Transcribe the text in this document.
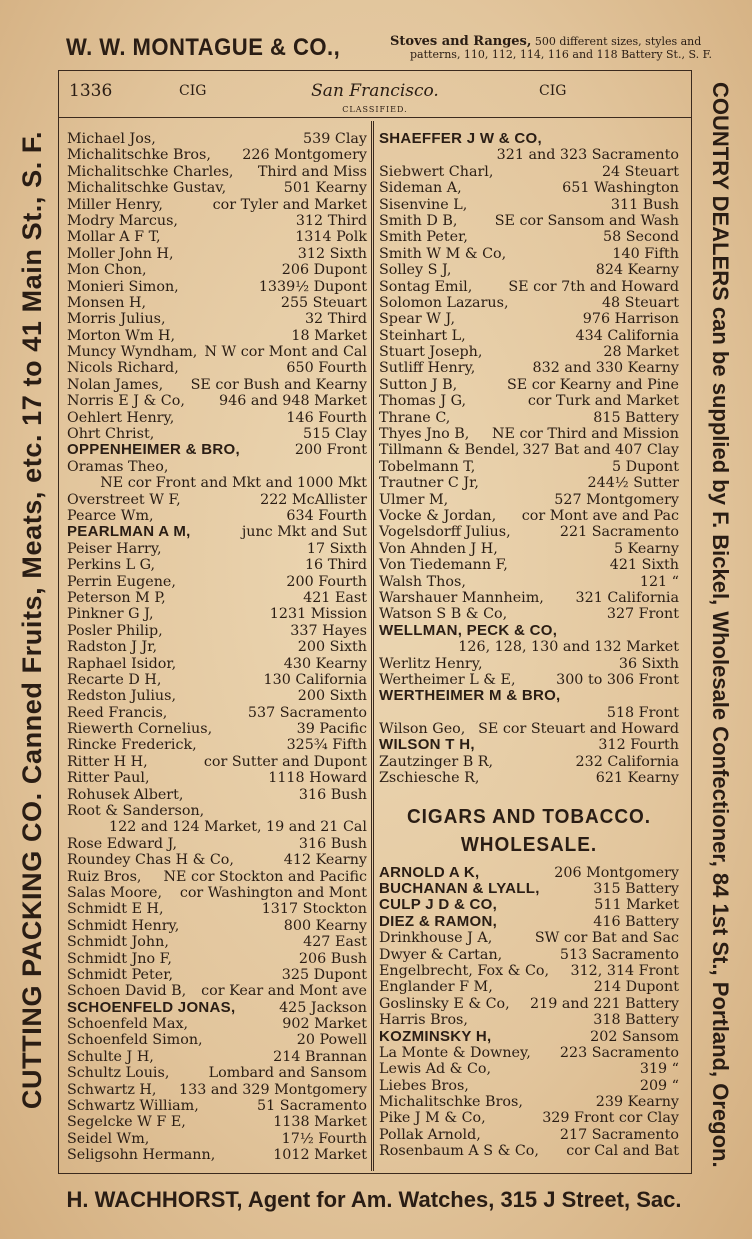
W. W. MONTAGUE & CO.,	Stoves and Ranges, 500 different sizes, styles and
patterns, 110, 112, 114, 116 and 118 Battery St., S. F.
1336	CIG	San Francisco.	CIG
CLASSIFIED.
Michael Jos,	539 Clay
Michalitschke Bros, 226 Montgomery
Michalitschke Charles, Third and Miss
Michalitschke Gustav,	501 Kearny
Miller Henry,	cor Tyler and Market
Modry Marcus,	312 Third
Mollar A F T,	1314 Polk
Moller John H,	312 Sixth
Mon Chon,	206 Dupont
Monieri Simon,	1339½ Dupont
Monsen H,	255 Steuart
Morris Julius,	32 Third
Morton Wm H,	18 Market
Muncy Wyndham, N W cor Mont and Cal
Nicols Richard,	650 Fourth
Nolan James, SE cor Bush and Kearny
Norris E J & Co, 946 and 948 Market
Oehlert Henry,	146 Fourth
Ohrt Christ,	515 Clay
OPPENHEIMER & BRO,	200 Front
Oramas Theo,
NE cor Front and Mkt and 1000 Mkt
Overstreet W F,	222 McAllister
Pearce Wm,	634 Fourth
PEARLMAN A M,	junc Mkt and Sut
Peiser Harry,	17 Sixth
Perkins L G,	16 Third
Perrin Eugene,	200 Fourth
Peterson M P,	421 East
Pinkner G J,	1231 Mission
Posler Philip,	337 Hayes
Radston J Jr,	200 Sixth
Raphael Isidor,	430 Kearny
Recarte D H,	130 California
Redston Julius,	200 Sixth
Reed Francis,	537 Sacramento
Riewerth Cornelius,	39 Pacific
Rincke Frederick,	325¾ Fifth
Ritter H H,	cor Sutter and Dupont
Ritter Paul,	1118 Howard
Rohusek Albert,	316 Bush
Root & Sanderson,
122 and 124 Market, 19 and 21 Cal
Rose Edward J,	316 Bush
Roundey Chas H & Co,	412 Kearny
Ruiz Bros, NE cor Stockton and Pacific
Salas Moore, cor Washington and Mont
Schmidt E H,	1317 Stockton
Schmidt Henry,	800 Kearny
Schmidt John,	427 East
Schmidt Jno F,	206 Bush
Schmidt Peter,	325 Dupont
Schoen David B, cor Kear and Mont ave
SCHOENFELD JONAS,	425 Jackson
Schoenfeld Max,	902 Market
Schoenfeld Simon,	20 Powell
Schulte J H,	214 Brannan
Schultz Louis,	Lombard and Sansom
Schwartz H, 133 and 329 Montgomery
Schwartz William,	51 Sacramento
Segelcke W F E,	1138 Market
Seidel Wm,	17½ Fourth
Seligsohn Hermann,	1012 Market
SHAEFFER J W & CO,
321 and 323 Sacramento
Siebwert Charl,	24 Steuart
Sideman A,	651 Washington
Sisenvine L,	311 Bush
Smith D B,	SE cor Sansom and Wash
Smith Peter,	58 Second
Smith W M & Co,	140 Fifth
Solley S J,	824 Kearny
Sontag Emil,	SE cor 7th and Howard
Solomon Lazarus,	48 Steuart
Spear W J,	976 Harrison
Steinhart L,	434 California
Stuart Joseph,	28 Market
Sutliff Henry,	832 and 330 Kearny
Sutton J B,	SE cor Kearny and Pine
Thomas J G,	cor Turk and Market
Thrane C,	815 Battery
Thyes Jno B, NE cor Third and Mission
Tillmann & Bendel, 327 Bat and 407 Clay
Tobelmann T,	5 Dupont
Trautner C Jr,	244½ Sutter
Ulmer M,	527 Montgomery
Vocke & Jordan, cor Mont ave and Pac
Vogelsdorff Julius,	221 Sacramento
Von Ahnden J H,	5 Kearny
Von Tiedemann F,	421 Sixth
Walsh Thos,	121 “
Warshauer Mannheim, 321 California
Watson S B & Co,	327 Front
WELLMAN, PECK & CO,
126, 128, 130 and 132 Market
Werlitz Henry,	36 Sixth
Wertheimer L & E,	300 to 306 Front
WERTHEIMER M & BRO,
518 Front
Wilson Geo, SE cor Steuart and Howard
WILSON T H,	312 Fourth
Zautzinger B R,	232 California
Zschiesche R,	621 Kearny
CIGARS AND TOBACCO.
WHOLESALE.
ARNOLD A K,	206 Montgomery
BUCHANAN & LYALL,	315 Battery
CULP J D & CO,	511 Market
DIEZ & RAMON,	416 Battery
Drinkhouse J A,	SW cor Bat and Sac
Dwyer & Cartan,	513 Sacramento
Engelbrecht, Fox & Co, 312, 314 Front
Englander F M,	214 Dupont
Goslinsky E & Co, 219 and 221 Battery
Harris Bros,	318 Battery
KOZMINSKY H,	202 Sansom
La Monte & Downey, 223 Sacramento
Lewis Ad & Co,	319 “
Liebes Bros,	209 “
Michalitschke Bros,	239 Kearny
Pike J M & Co,	329 Front cor Clay
Pollak Arnold,	217 Sacramento
Rosenbaum A S & Co, cor Cal and Bat
CUTTING PACKING CO. Canned Fruits, Meats, etc. 17 to 41 Main St., S. F.	COUNTRY DEALERS can be supplied by F. Bickel, Wholesale Confectioner, 84 1st St., Portland, Oregon.
H. WACHHORST, Agent for Am. Watches, 315 J Street, Sac.
